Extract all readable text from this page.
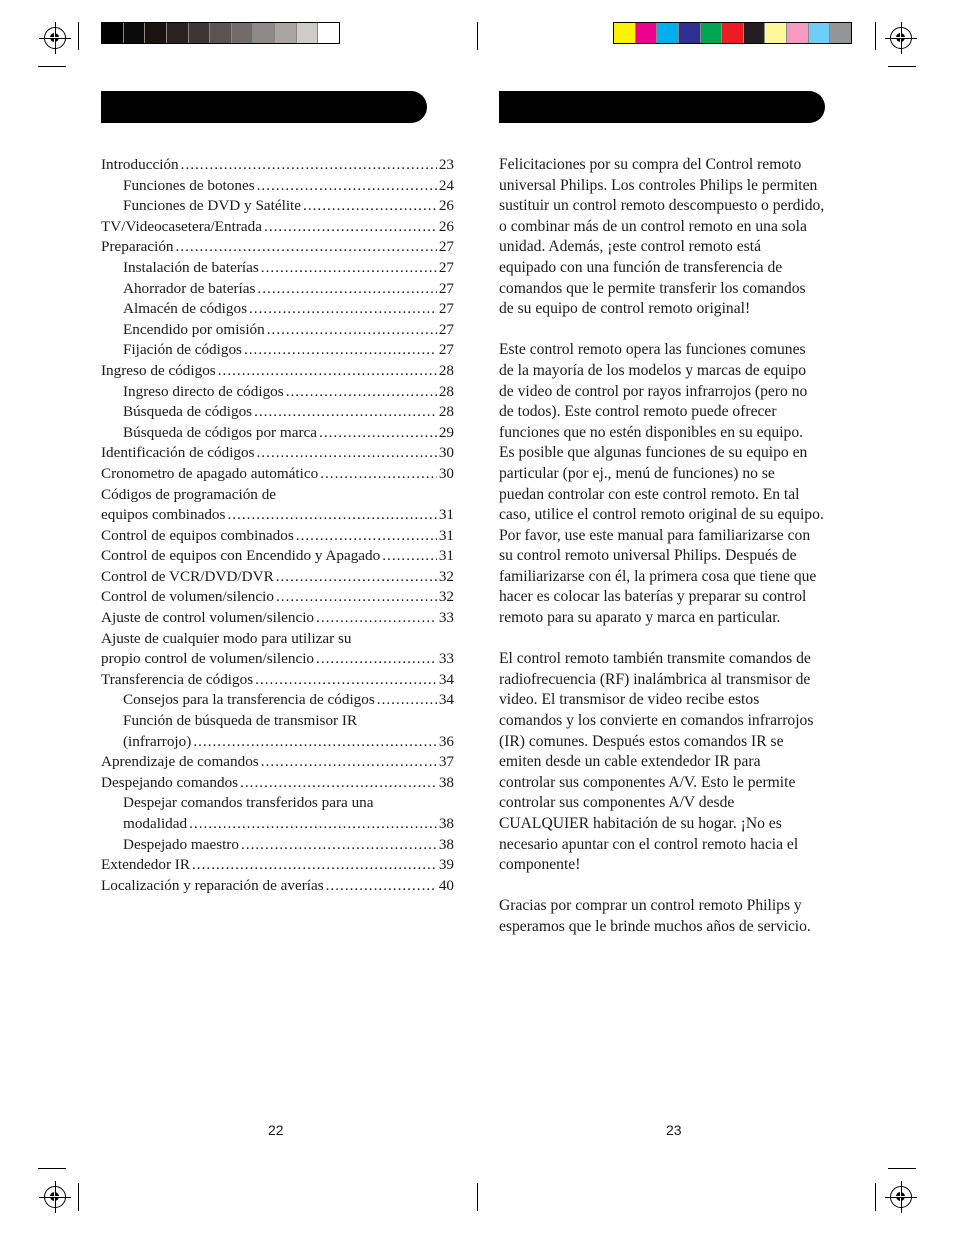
Introducción .....	23
Funciones de botones .....	24
Funciones de DVD y Satélite .....	26
TV/Videocasetera/Entrada .....	26
Preparación .....	27
Instalación de baterías .....	27
Ahorrador de baterías .....	27
Almacén de códigos .....	27
Encendido por omisión .....	27
Fijación de códigos .....	27
Ingreso de códigos .....	28
Ingreso directo de códigos .....	28
Búsqueda de códigos .....	28
Búsqueda de códigos por marca .....	29
Identificación de códigos .....	30
Cronometro de apagado automático .....	30
Códigos de programación de
equipos combinados .....	31
Control de equipos combinados .....	31
Control de equipos con Encendido y Apagado .....	31
Control de VCR/DVD/DVR .....	32
Control de volumen/silencio .....	32
Ajuste de control volumen/silencio .....	33
Ajuste de cualquier modo para utilizar su
propio control de volumen/silencio .....	33
Transferencia de códigos .....	34
Consejos para la transferencia de códigos .....	34
Función de búsqueda de transmisor IR
(infrarrojo) .....	36
Aprendizaje de comandos .....	37
Despejando comandos .....	38
Despejar comandos transferidos para una
modalidad .....	38
Despejado maestro .....	38
Extendedor IR .....	39
Localización y reparación de averías .....	40

Felicitaciones por su compra del Control remoto
universal Philips. Los controles Philips le permiten
sustituir un control remoto descompuesto o perdido,
o combinar más de un control remoto en una sola
unidad. Además, ¡este control remoto está
equipado con una función de transferencia de
comandos que le permite transferir los comandos
de su equipo de control remoto original!

Este control remoto opera las funciones comunes
de la mayoría de los modelos y marcas de equipo
de video de control por rayos infrarrojos (pero no
de todos). Este control remoto puede ofrecer
funciones que no estén disponibles en su equipo.
Es posible que algunas funciones de su equipo en
particular (por ej., menú de funciones) no se
puedan controlar con este control remoto. En tal
caso, utilice el control remoto original de su equipo.
Por favor, use este manual para familiarizarse con
su control remoto universal Philips. Después de
familiarizarse con él, la primera cosa que tiene que
hacer es colocar las baterías y preparar su control
remoto para su aparato y marca en particular.

El control remoto también transmite comandos de
radiofrecuencia (RF) inalámbrica al transmisor de
video. El transmisor de video recibe estos
comandos y los convierte en comandos infrarrojos
(IR) comunes. Después estos comandos IR se
emiten desde un cable extendedor IR para
controlar sus componentes A/V. Esto le permite
controlar sus componentes A/V desde
CUALQUIER habitación de su hogar. ¡No es
necesario apuntar con el control remoto hacia el
componente!

Gracias por comprar un control remoto Philips y
esperamos que le brinde muchos años de servicio.

22	23
